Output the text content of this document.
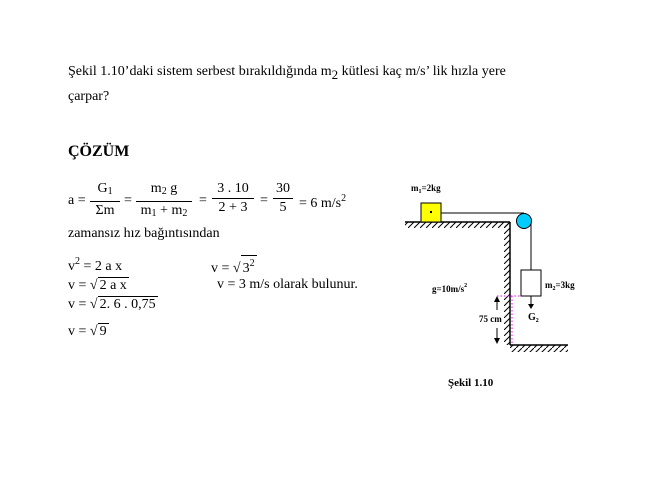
Şekil 1.10’daki sistem serbest bırakıldığında m2 kütlesi kaç m/s’ lik hızla yere
çarpar?
ÇÖZÜM
a =
$G_1$
Σm
=
$m_2$ g
$m_1 + m_2$
=
3 . 10
2 + 3 =
30
5 = 6 $m/s^2$
zamansız hız bağıntısından
$v^2 = 2$ a x	v = √ $3^2$
v = √ 2 a x	v = 3 m/s olarak bulunur.
v = √ 2. 6 . 0,75
v = √ 9
$m_1=2kg$
$m_2=3kg$
$g=10m/s^2$
75 cm	$G_2$
Şekil 1.10
